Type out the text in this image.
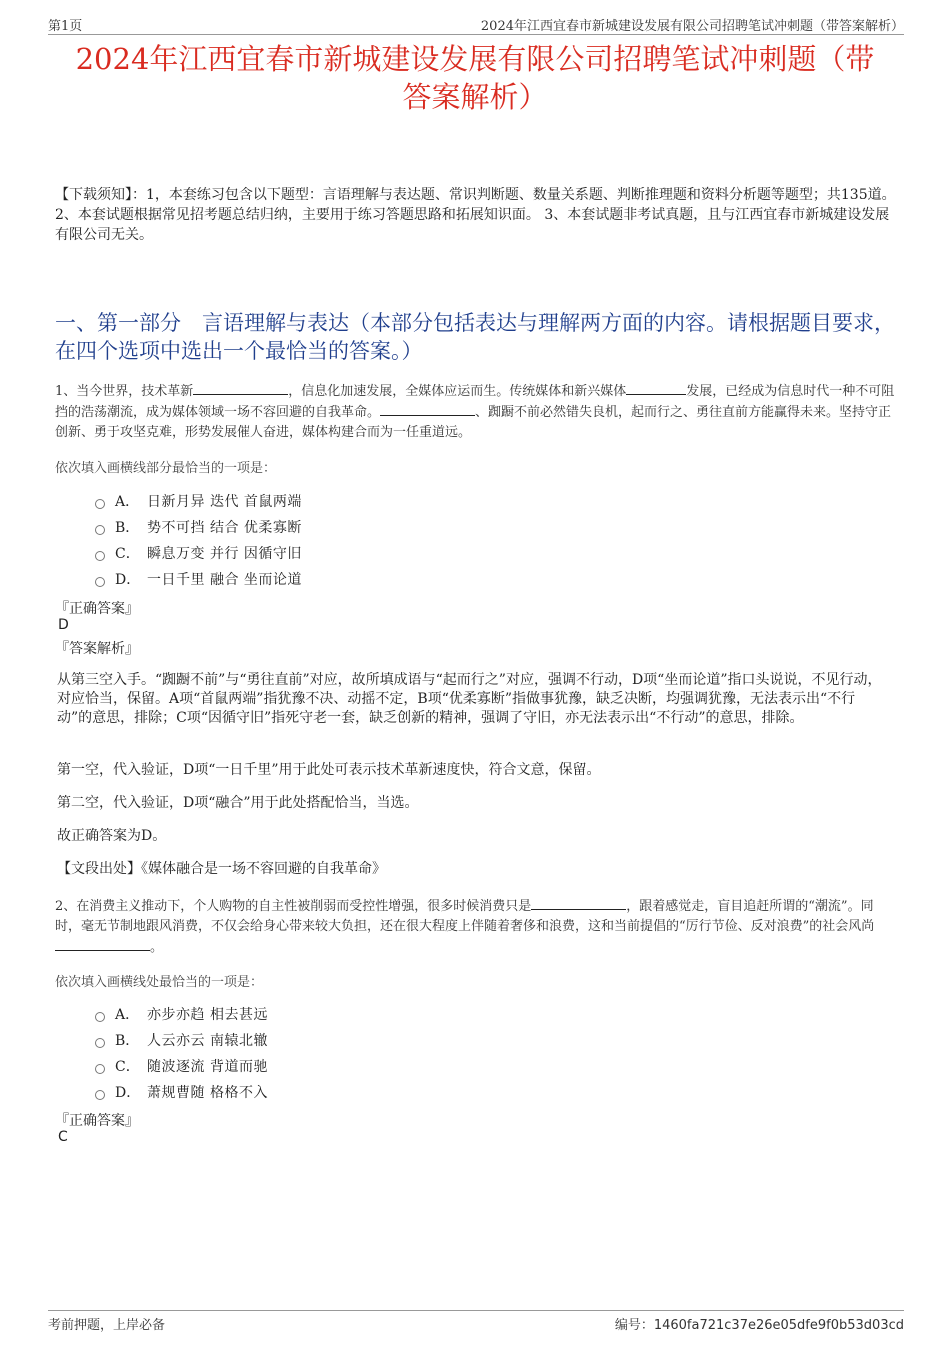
第1页	2024年江西宜春市新城建设发展有限公司招聘笔试冲刺题（带答案解析）
2024年江西宜春市新城建设发展有限公司招聘笔试冲刺题（带
答案解析）
【下载须知】：1，本套练习包含以下题型：言语理解与表达题、常识判断题、数量关系题、判断推理题和资料分析题等题型；共135道。 2、本套试题根据常见招考题总结归纳，主要用于练习答题思路和拓展知识面。 3、本套试题非考试真题，且与江西宜春市新城建设发展有限公司无关。
一、第一部分　言语理解与表达（本部分包括表达与理解两方面的内容。请根据题目要求，在四个选项中选出一个最恰当的答案。）
1、当今世界，技术革新	，信息化加速发展，全媒体应运而生。传统媒体和新兴媒体	发展，已经成为信息时代一种不可阻挡的浩荡潮流，成为媒体领域一场不容回避的自我革命。	、踟蹰不前必然错失良机，起而行之、勇往直前方能赢得未来。坚持守正创新、勇于攻坚克难，形势发展催人奋进，媒体构建合而为一任重道远。
依次填入画横线部分最恰当的一项是：
A． 日新月异 迭代 首鼠两端
B． 势不可挡 结合 优柔寡断
C． 瞬息万变 并行 因循守旧
D． 一日千里 融合 坐而论道
『正确答案』
D
『答案解析』
从第三空入手。“踟蹰不前”与“勇往直前”对应，故所填成语与“起而行之”对应，强调不行动，D项“坐而论道”指口头说说，不见行动，对应恰当，保留。A项“首鼠两端”指犹豫不决、动摇不定，B项“优柔寡断”指做事犹豫，缺乏决断，均强调犹豫，无法表示出“不行动”的意思，排除；C项“因循守旧”指死守老一套，缺乏创新的精神，强调了守旧，亦无法表示出“不行动”的意思，排除。
第一空，代入验证，D项“一日千里”用于此处可表示技术革新速度快，符合文意，保留。
第二空，代入验证，D项“融合”用于此处搭配恰当，当选。
故正确答案为D。
【文段出处】《媒体融合是一场不容回避的自我革命》
2、在消费主义推动下，个人购物的自主性被削弱而受控性增强，很多时候消费只是	，跟着感觉走，盲目追赶所谓的“潮流”。同时，毫无节制地跟风消费，不仅会给身心带来较大负担，还在很大程度上伴随着奢侈和浪费，这和当前提倡的“厉行节俭、反对浪费”的社会风尚。
依次填入画横线处最恰当的一项是：
A． 亦步亦趋 相去甚远
B． 人云亦云 南辕北辙
C． 随波逐流 背道而驰
D． 萧规曹随 格格不入
『正确答案』
C
考前押题，上岸必备	编号：1460fa721c37e26e05dfe9f0b53d03cd
